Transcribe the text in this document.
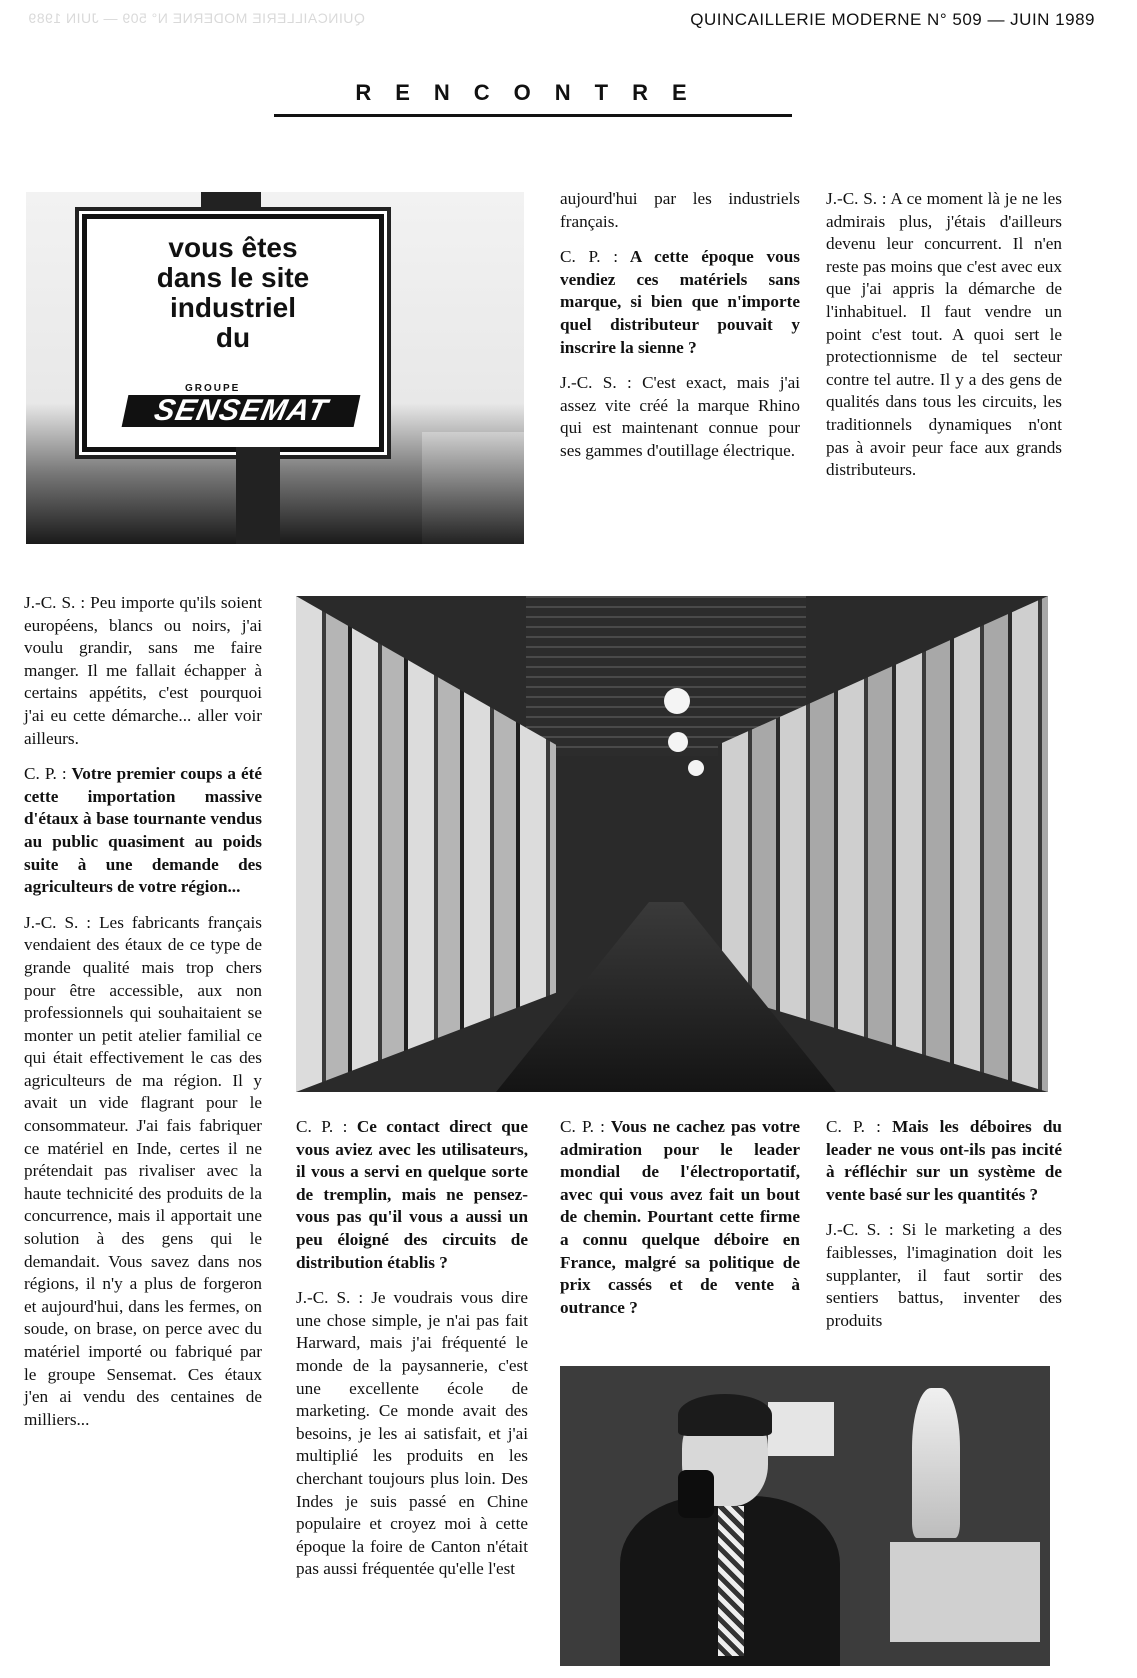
QUINCAILLERIE MODERNE N° 509 — JUIN 1989	QUINCAILLERIE MODERNE N° 509 — JUIN 1989
RENCONTRE
vous êtes
dans le site
industriel
du
GROUPE
SENSEMAT

J.-C. S. : Peu importe qu'ils soient européens, blancs ou noirs, j'ai voulu grandir, sans me faire manger. Il me fallait échapper à certains appétits, c'est pourquoi j'ai eu cette démarche... aller voir ailleurs.

C. P. : Votre premier coups a été cette importation massive d'étaux à base tournante vendus au public quasiment au poids suite à une demande des agriculteurs de votre région...

J.-C. S. : Les fabricants français vendaient des étaux de ce type de grande qualité mais trop chers pour être accessible, aux non professionnels qui souhaitaient se monter un petit atelier familial ce qui était effectivement le cas des agriculteurs de ma région. Il y avait un vide flagrant pour le consommateur. J'ai fais fabriquer ce matériel en Inde, certes il ne prétendait pas rivaliser avec la haute technicité des produits de la concurrence, mais il apportait une solution à des gens qui le demandait. Vous savez dans nos régions, il n'y a plus de forgeron et aujourd'hui, dans les fermes, on soude, on brase, on perce avec du matériel importé ou fabriqué par le groupe Sensemat. Ces étaux j'en ai vendu des centaines de milliers...

aujourd'hui par les industriels français.

C. P. : A cette époque vous vendiez ces matériels sans marque, si bien que n'importe quel distributeur pouvait y inscrire la sienne ?

J.-C. S. : C'est exact, mais j'ai assez vite créé la marque Rhino qui est maintenant connue pour ses gammes d'outillage électrique.

J.-C. S. : A ce moment là je ne les admirais plus, j'étais d'ailleurs devenu leur concurrent. Il n'en reste pas moins que c'est avec eux que j'ai appris la démarche de l'inhabituel. Il faut vendre un point c'est tout. A quoi sert le protectionnisme de tel secteur contre tel autre. Il y a des gens de qualités dans tous les circuits, les traditionnels dynamiques n'ont pas à avoir peur face aux grands distributeurs.

C. P. : Ce contact direct que vous aviez avec les utilisateurs, il vous a servi en quelque sorte de tremplin, mais ne pensez-vous pas qu'il vous a aussi un peu éloigné des circuits de distribution établis ?

J.-C. S. : Je voudrais vous dire une chose simple, je n'ai pas fait Harward, mais j'ai fréquenté le monde de la paysannerie, c'est une excellente école de marketing. Ce monde avait des besoins, je les ai satisfait, et j'ai multiplié les produits en les cherchant toujours plus loin. Des Indes je suis passé en Chine populaire et croyez moi à cette époque la foire de Canton n'était pas aussi fréquentée qu'elle l'est

C. P. : Vous ne cachez pas votre admiration pour le leader mondial de l'électroportatif, avec qui vous avez fait un bout de chemin. Pourtant cette firme a connu quelque déboire en France, malgré sa politique de prix cassés et de vente à outrance ?

C. P. : Mais les déboires du leader ne vous ont-ils pas incité à réfléchir sur un système de vente basé sur les quantités ?

J.-C. S. : Si le marketing a des faiblesses, l'imagination doit les supplanter, il faut sortir des sentiers battus, inventer des produits
